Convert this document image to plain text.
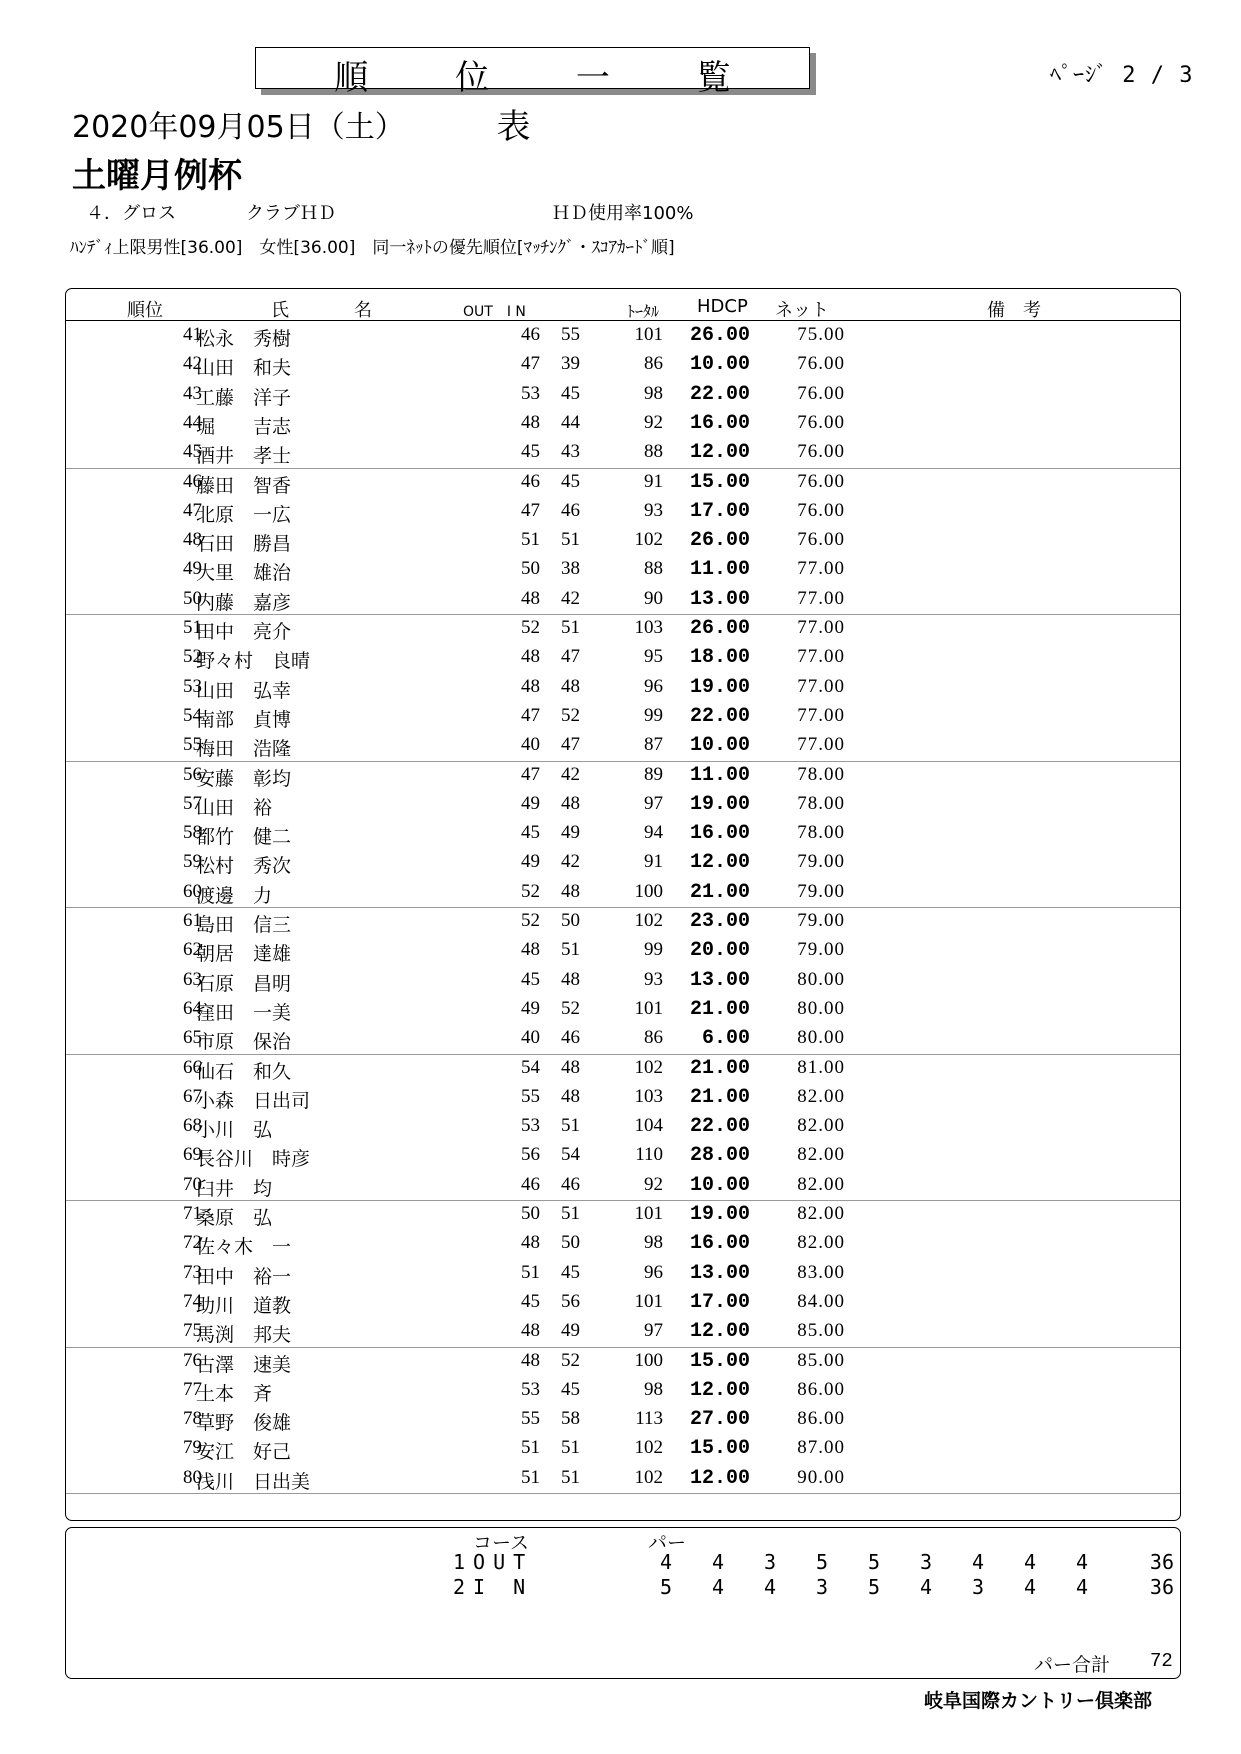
順 位 一 覧 表
ﾍﾟｰｼﾞ 2 / 3
2020年09月05日（土）
土曜月例杯
４．グロス	クラブＨＤ	ＨＤ使用率100%
ﾊﾝﾃﾞｨ上限男性[36.00]　女性[36.00]　同一ﾈｯﾄの優先順位[ﾏｯﾁﾝｸﾞ・ｽｺｱｶｰﾄﾞ順]
順位	氏	名	OUT　I N	ﾄｰﾀﾙ HDCP ネット	備　考
41
松永　秀樹	46 55	101 26.00 75.00
42
山田　和夫	47 39	86 10.00 76.00
43
工藤　洋子	53 45	98 22.00 76.00
44
堀　　吉志	48 44	92 16.00 76.00
45
酒井　孝士	45 43	88 12.00 76.00
46
藤田　智香	46 45	91 15.00 76.00
47
北原　一広	47 46	93 17.00 76.00
48
石田　勝昌	51 51	102 26.00 76.00
49
大里　雄治	50 38	88 11.00 77.00
50
内藤　嘉彦	48 42	90 13.00 77.00
51
田中　亮介	52 51	103 26.00 77.00
52
野々村　良晴	48 47	95 18.00 77.00
53
山田　弘幸	48 48	96 19.00 77.00
54
南部　貞博	47 52	99 22.00 77.00
55
梅田　浩隆	40 47	87 10.00 77.00
56
安藤　彰均	47 42	89 11.00 78.00
57
山田　裕	49 48	97 19.00 78.00
58
都竹　健二	45 49	94 16.00 78.00
59
松村　秀次	49 42	91 12.00 79.00
60
渡邊　力	52 48	100 21.00 79.00
61
島田　信三	52 50	102 23.00 79.00
62
朝居　達雄	48 51	99 20.00 79.00
63
石原　昌明	45 48	93 13.00 80.00
64
窪田　一美	49 52	101 21.00 80.00
65
市原　保治	40 46	86 6.00 80.00
66
仙石　和久	54 48	102 21.00 81.00
67
小森　日出司	55 48	103 21.00 82.00
68
小川　弘	53 51	104 22.00 82.00
69
長谷川　時彦	56 54	110 28.00 82.00
70
臼井　均	46 46	92 10.00 82.00
71
桑原　弘	50 51	101 19.00 82.00
72
佐々木　一	48 50	98 16.00 82.00
73
田中　裕一	51 45	96 13.00 83.00
74
助川　道教	45 56	101 17.00 84.00
75
馬渕　邦夫	48 49	97 12.00 85.00
76
古澤　速美	48 52	100 15.00 85.00
77
土本　斉	53 45	98 12.00 86.00
78
草野　俊雄	55 58	113 27.00 86.00
79
安江　好己	51 51	102 15.00 87.00
80
浅川　日出美	51 51	102 12.00 90.00
コース	パー
1OUT	4	4	3	5	5	3	4	4	4	36
2I N	5	4	4	3	5	4	3	4	4	36
パー合計 72
岐阜国際カントリー倶楽部
